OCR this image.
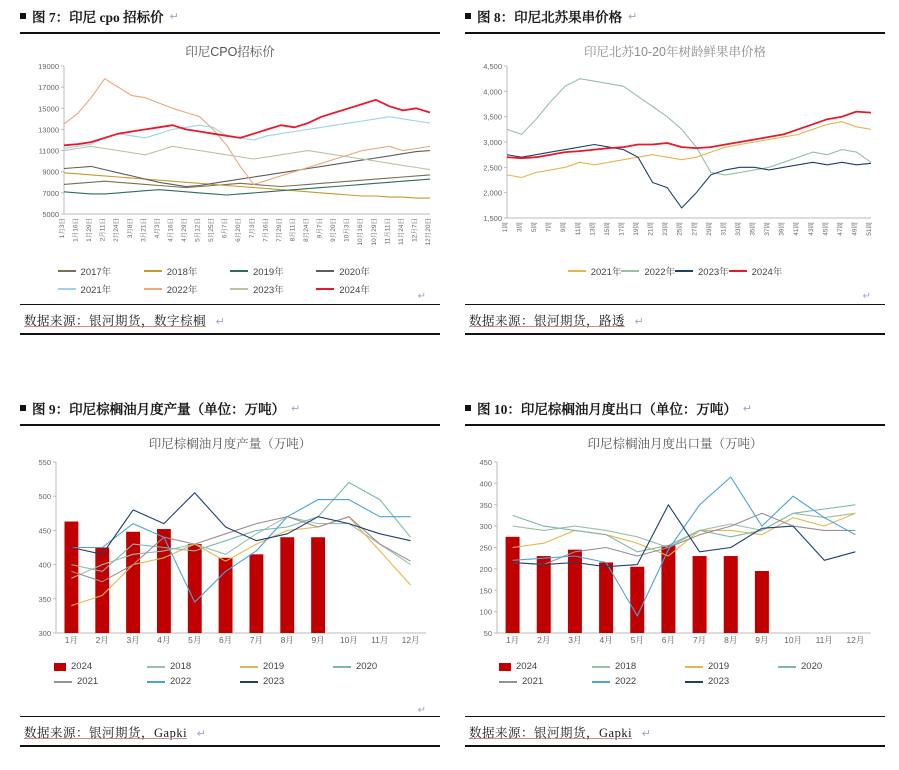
图 7：印尼 cpo 招标价 ↵
印尼CPO招标价
5000
7000
9000
11000
13000
15000
17000
19000
1月3日 1月16日 1月29日 2月11日 2月24日 3月8日 3月21日 4月3日 4月16日 4月29日 5月12日 5月25日 6月7日 6月20日 7月3日 7月16日 7月29日 8月11日 8月24日 9月7日 9月20日 10月3日 10月16日 10月29日 11月11日 11月24日 12月7日 12月20日
2017年	2018年	2019年	2020年
2021年	2022年	2023年	2024年
↵
数据来源：银河期货，数字棕榈 ↵
图 8：印尼北苏果串价格 ↵
印尼北苏10-20年树龄鲜果串价格
1,500
2,000
2,500
3,000
3,500
4,000
4,500
1周 3周 5周 7周 9周 11周 13周 15周 17周 19周 21周 23周 25周 27周 29周 31周 33周 35周 37周 39周 41周 43周 45周 47周 49周 51周
2021年 2022年 2023年 2024年
↵
数据来源：银河期货，路透 ↵
图 9：印尼棕榈油月度产量（单位：万吨） ↵
印尼棕榈油月度产量（万吨）
300
350
400
450
500
550
1月 2月 3月 4月 5月 6月 7月 8月 9月 10月 11月 12月
2024	2018	2019	2020
2021	2022	2023
↵
数据来源：银河期货，Gapki ↵
图 10：印尼棕榈油月度出口（单位：万吨） ↵
印尼棕榈油月度出口量（万吨）
50
100
150
200
250
300
350
400
450
1月 2月 3月 4月 5月 6月 7月 8月 9月 10月 11月 12月
2024	2018	2019	2020
2021	2022	2023
数据来源：银河期货，Gapki ↵
